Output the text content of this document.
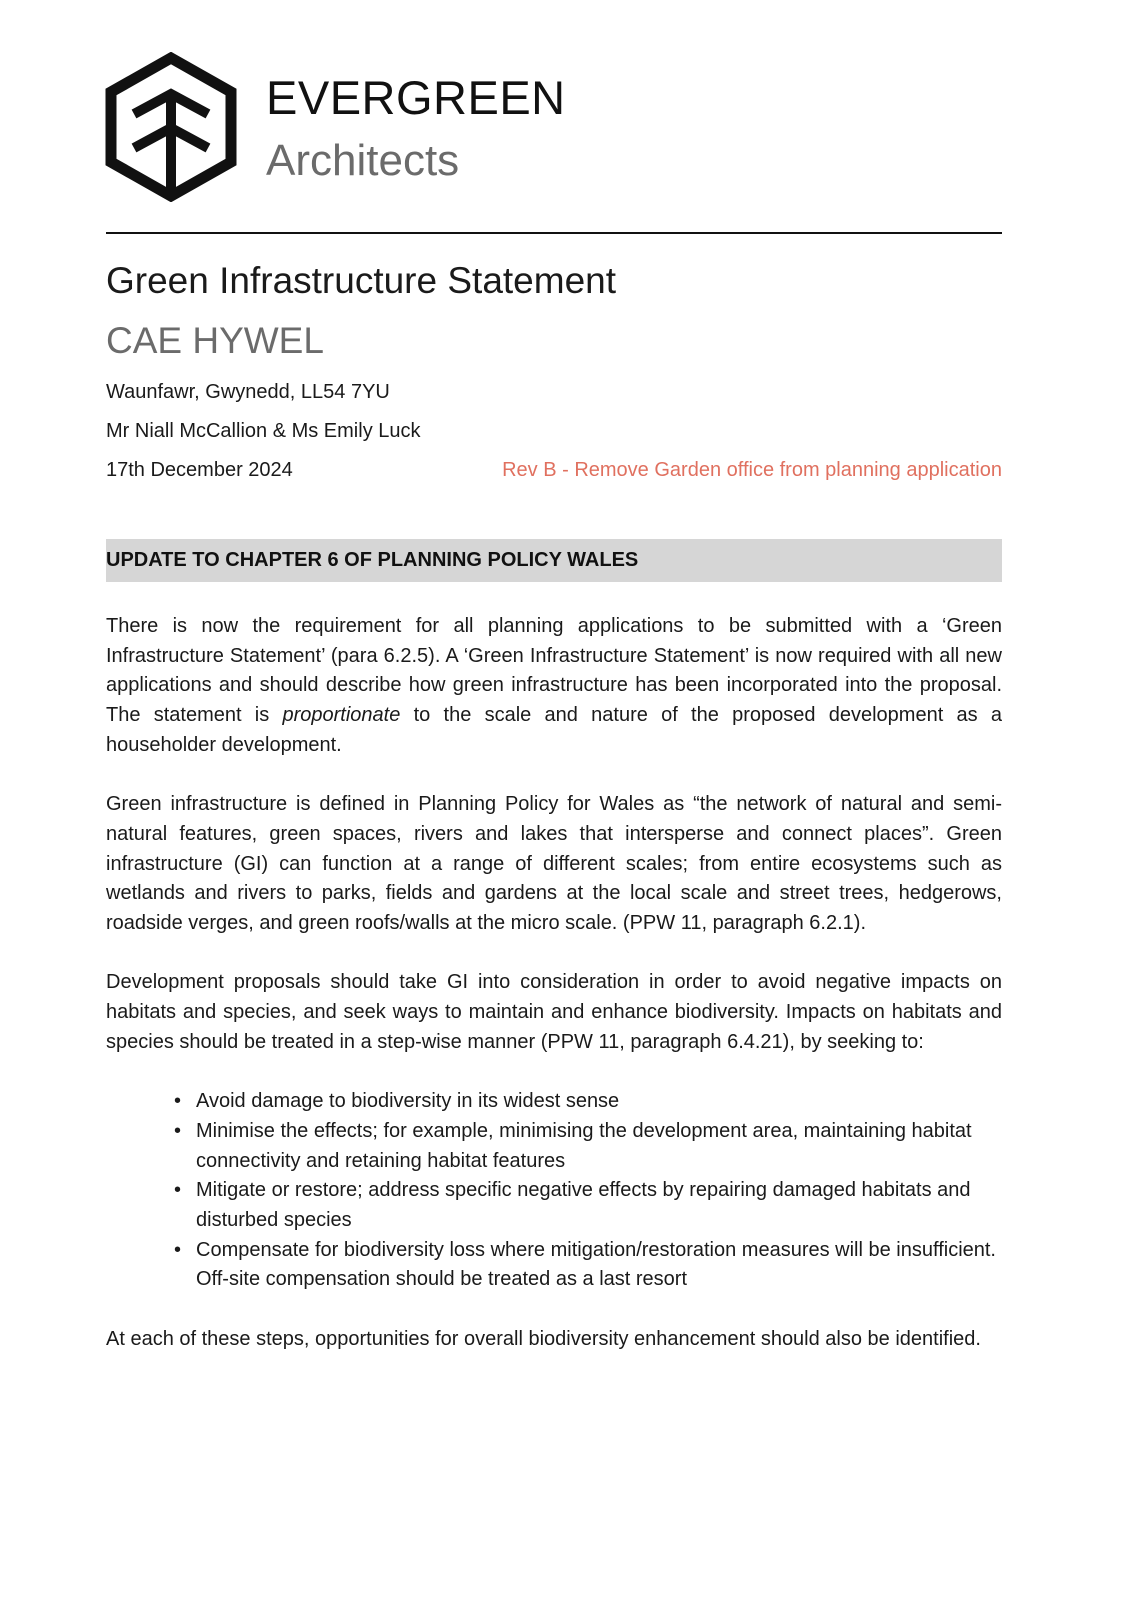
EVERGREEN
Architects
Green Infrastructure Statement
CAE HYWEL
Waunfawr, Gwynedd, LL54 7YU
Mr Niall McCallion & Ms Emily Luck
17th December 2024	Rev B - Remove Garden office from planning application
UPDATE TO CHAPTER 6 OF PLANNING POLICY WALES

There is now the requirement for all planning applications to be submitted with a ‘Green Infrastructure Statement’ (para 6.2.5). A ‘Green Infrastructure Statement’ is now required with all new applications and should describe how green infrastructure has been incorporated into the proposal. The statement is proportionate to the scale and nature of the proposed development as a householder development.

Green infrastructure is defined in Planning Policy for Wales as “the network of natural and semi-natural features, green spaces, rivers and lakes that intersperse and connect places”. Green infrastructure (GI) can function at a range of different scales; from entire ecosystems such as wetlands and rivers to parks, fields and gardens at the local scale and street trees, hedgerows, roadside verges, and green roofs/walls at the micro scale. (PPW 11, paragraph 6.2.1).

Development proposals should take GI into consideration in order to avoid negative impacts on habitats and species, and seek ways to maintain and enhance biodiversity. Impacts on habitats and species should be treated in a step-wise manner (PPW 11, paragraph 6.4.21), by seeking to:

• Avoid damage to biodiversity in its widest sense
• Minimise the effects; for example, minimising the development area, maintaining habitat connectivity and retaining habitat features
• Mitigate or restore; address specific negative effects by repairing damaged habitats and disturbed species
• Compensate for biodiversity loss where mitigation/restoration measures will be insufficient. Off-site compensation should be treated as a last resort

At each of these steps, opportunities for overall biodiversity enhancement should also be identified.
